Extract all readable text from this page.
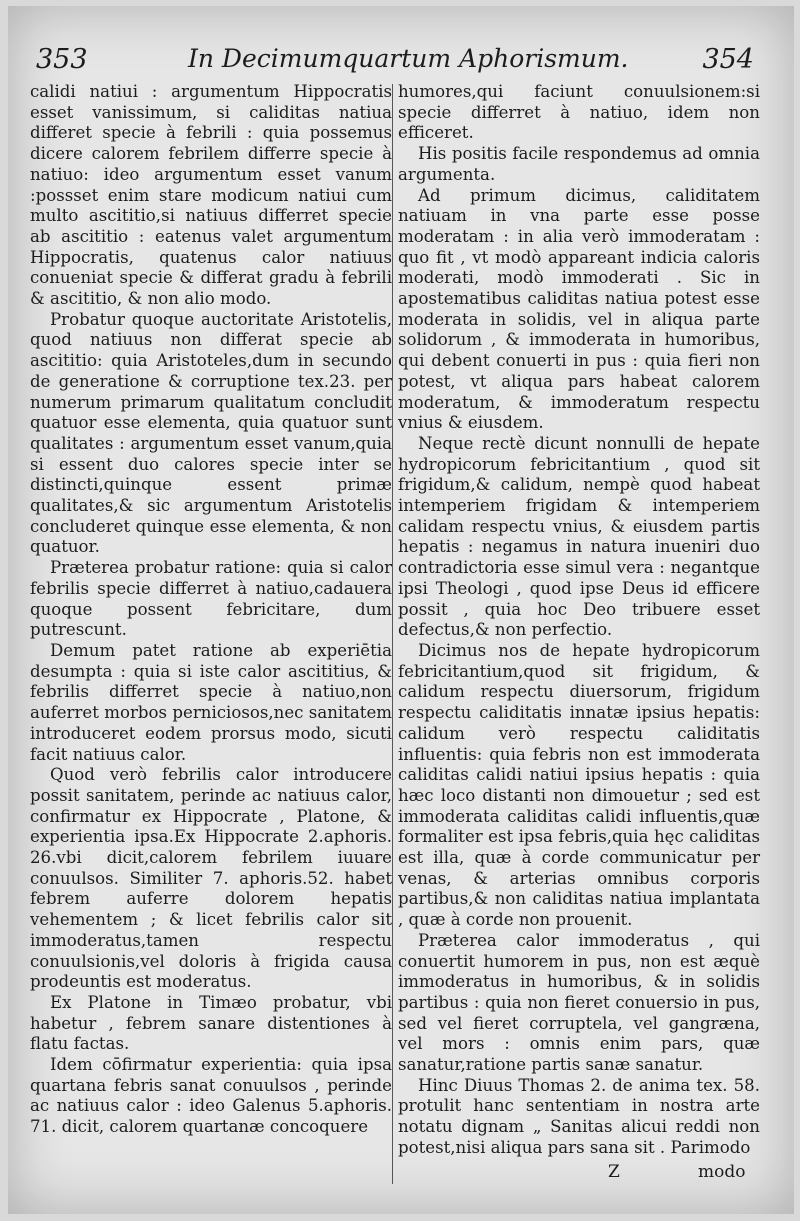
353	In Decimumquartum Aphorismum.	354

calidi natiui : argumentum Hippocratis esset vanissimum, si caliditas natiua differet specie à febrili : quia possemus dicere calorem febrilem differre specie à natiuo: ideo argumentum esset vanum :possset enim stare modicum natiui cum multo ascititio,si natiuus differret specie ab ascititio : eatenus valet argumentum Hippocratis, quatenus calor natiuus conueniat specie & differat gradu à febrili & ascititio, & non alio modo.

Probatur quoque auctoritate Aristotelis, quod natiuus non differat specie ab ascititio: quia Aristoteles,dum in secundo de generatione & corruptione tex.23. per numerum primarum qualitatum concludit quatuor esse elementa, quia quatuor sunt qualitates : argumentum esset vanum,quia si essent duo calores specie inter se distincti,quinque essent primæ qualitates,& sic argumentum Aristotelis concluderet quinque esse elementa, & non quatuor.

Præterea probatur ratione: quia si calor febrilis specie differret à natiuo,cadauera quoque possent febricitare, dum putrescunt.

Demum patet ratione ab experiētia desumpta : quia si iste calor ascititius, & febrilis differret specie à natiuo,non auferret morbos perniciosos,nec sanitatem introduceret eodem prorsus modo, sicuti facit natiuus calor.

Quod verò febrilis calor introducere possit sanitatem, perinde ac natiuus calor, confirmatur ex Hippocrate , Platone, & experientia ipsa.Ex Hippocrate 2.aphoris. 26.vbi dicit,calorem febrilem iuuare conuulsos. Similiter 7. aphoris.52. habet febrem auferre dolorem hepatis vehementem ; & licet febrilis calor sit immoderatus,tamen respectu conuulsionis,vel doloris à frigida causa prodeuntis est moderatus.

Ex Platone in Timæo probatur, vbi habetur , febrem sanare distentiones à flatu factas.

Idem cōfirmatur experientia: quia ipsa quartana febris sanat conuulsos , perinde ac natiuus calor : ideo Galenus 5.aphoris. 71. dicit, calorem quartanæ concoquere

humores,qui faciunt conuulsionem:si specie differret à natiuo, idem non efficeret.

His positis facile respondemus ad omnia argumenta.

Ad primum dicimus, caliditatem natiuam in vna parte esse posse moderatam : in alia verò immoderatam : quo fit , vt modò appareant indicia caloris moderati, modò immoderati . Sic in apostematibus caliditas natiua potest esse moderata in solidis, vel in aliqua parte solidorum , & immoderata in humoribus, qui debent conuerti in pus : quia fieri non potest, vt aliqua pars habeat calorem moderatum, & immoderatum respectu vnius & eiusdem.

Neque rectè dicunt nonnulli de hepate hydropicorum febricitantium , quod sit frigidum,& calidum, nempè quod habeat intemperiem frigidam & intemperiem calidam respectu vnius, & eiusdem partis hepatis : negamus in natura inueniri duo contradictoria esse simul vera : negantque ipsi Theologi , quod ipse Deus id efficere possit , quia hoc Deo tribuere esset defectus,& non perfectio.

Dicimus nos de hepate hydropicorum febricitantium,quod sit frigidum, & calidum respectu diuersorum, frigidum respectu caliditatis innatæ ipsius hepatis: calidum verò respectu caliditatis influentis: quia febris non est immoderata caliditas calidi natiui ipsius hepatis : quia hæc loco distanti non dimouetur ; sed est immoderata caliditas calidi influentis,quæ formaliter est ipsa febris,quia hęc caliditas est illa, quæ à corde communicatur per venas, & arterias omnibus corporis partibus,& non caliditas natiua implantata , quæ à corde non prouenit.

Præterea calor immoderatus , qui conuertit humorem in pus, non est æquè immoderatus in humoribus, & in solidis partibus : quia non fieret conuersio in pus, sed vel fieret corruptela, vel gangræna, vel mors : omnis enim pars, quæ sanatur,ratione partis sanæ sanatur.

Hinc Diuus Thomas 2. de anima tex. 58. protulit hanc sententiam in nostra arte notatu dignam „ Sanitas alicui reddi non potest,nisi aliqua pars sana sit . Parimodo

Z	modo
